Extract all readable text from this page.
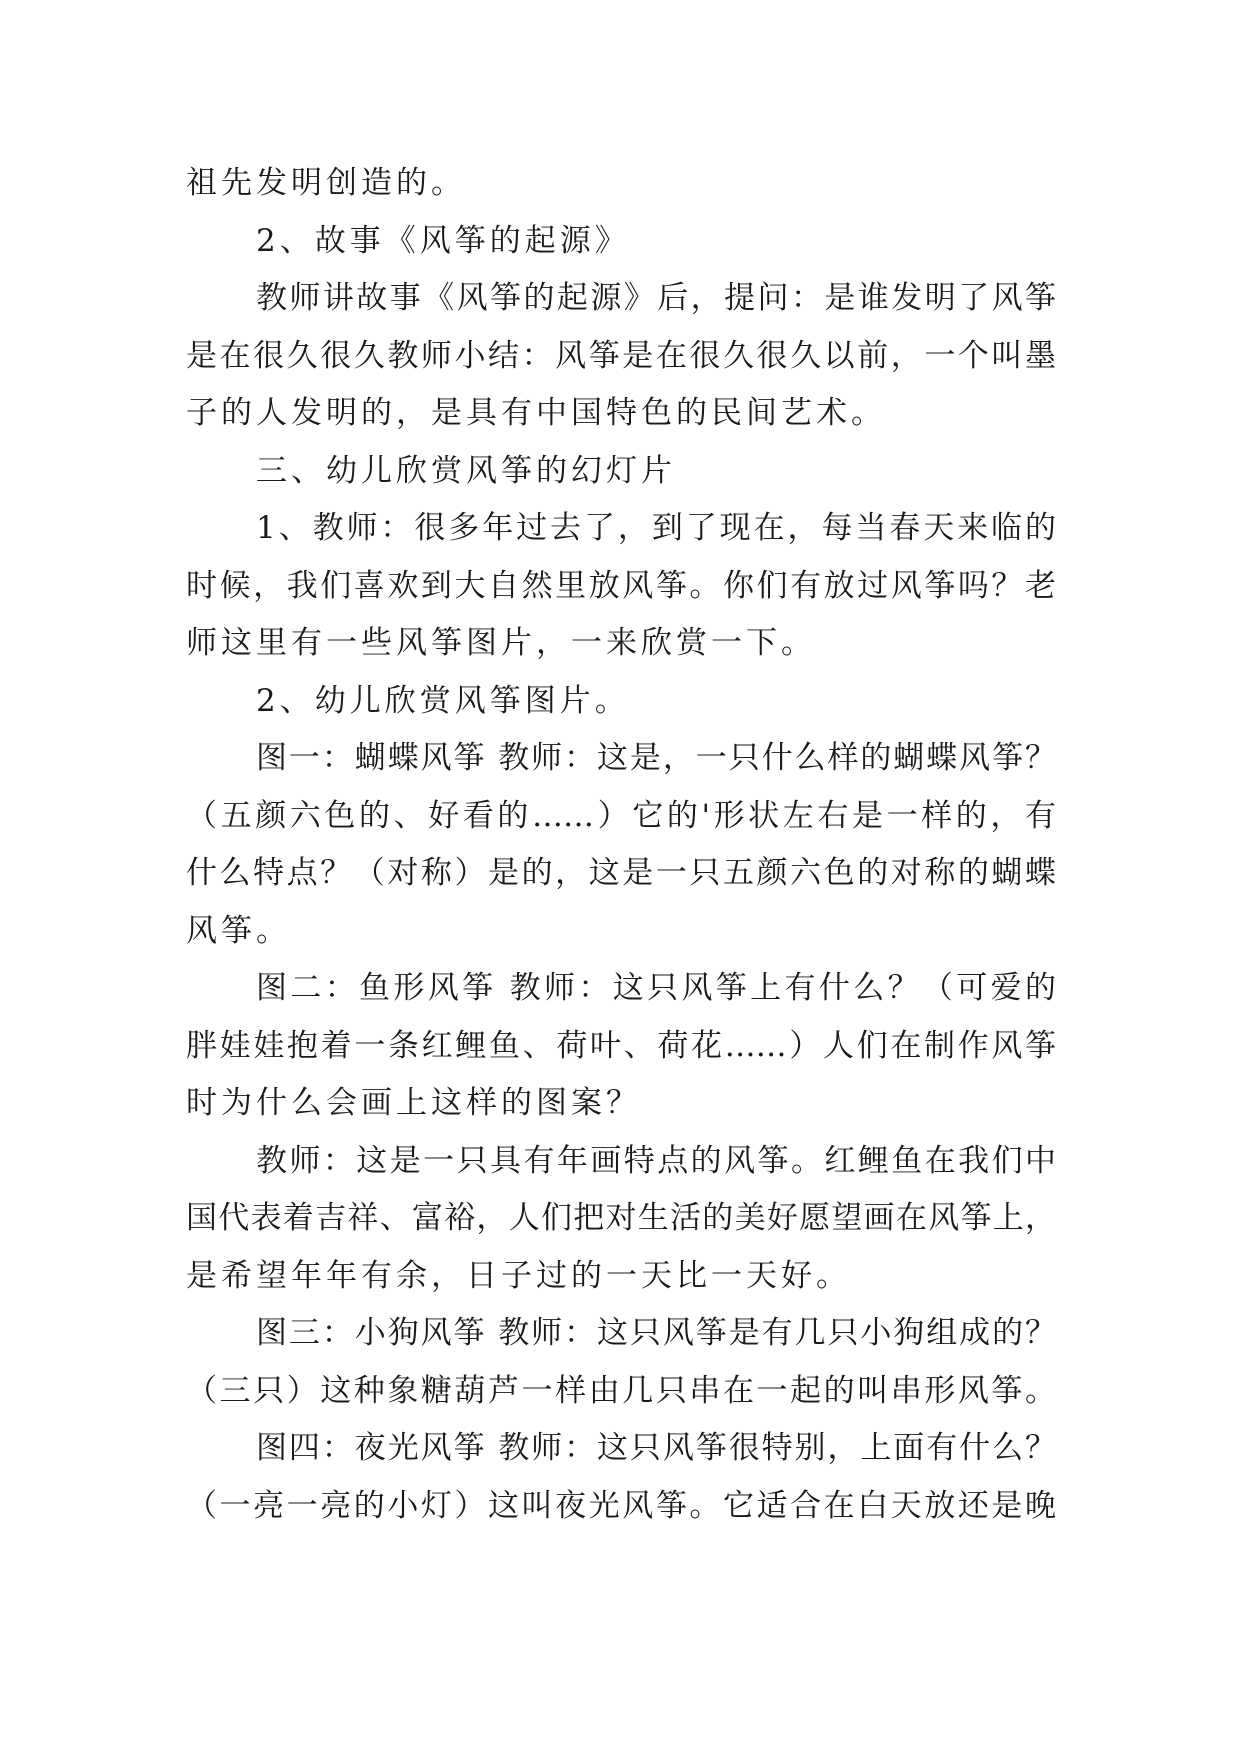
祖先发明创造的。
2、故事《风筝的起源》
教师讲故事《风筝的起源》后，提问：是谁发明了风筝
是在很久很久教师小结：风筝是在很久很久以前，一个叫墨
子的人发明的，是具有中国特色的民间艺术。
三、幼儿欣赏风筝的幻灯片
1、教师：很多年过去了，到了现在，每当春天来临的
时候，我们喜欢到大自然里放风筝。你们有放过风筝吗？老
师这里有一些风筝图片，一来欣赏一下。
2、幼儿欣赏风筝图片。
图一：蝴蝶风筝 教师：这是，一只什么样的蝴蝶风筝？
（五颜六色的、好看的……）它的'形状左右是一样的，有
什么特点？（对称）是的，这是一只五颜六色的对称的蝴蝶
风筝。
图二：鱼形风筝 教师：这只风筝上有什么？（可爱的
胖娃娃抱着一条红鲤鱼、荷叶、荷花……）人们在制作风筝
时为什么会画上这样的图案？
教师：这是一只具有年画特点的风筝。红鲤鱼在我们中
国代表着吉祥、富裕，人们把对生活的美好愿望画在风筝上，
是希望年年有余，日子过的一天比一天好。
图三：小狗风筝 教师：这只风筝是有几只小狗组成的？
（三只）这种象糖葫芦一样由几只串在一起的叫串形风筝。
图四：夜光风筝 教师：这只风筝很特别，上面有什么？
（一亮一亮的小灯）这叫夜光风筝。它适合在白天放还是晚
